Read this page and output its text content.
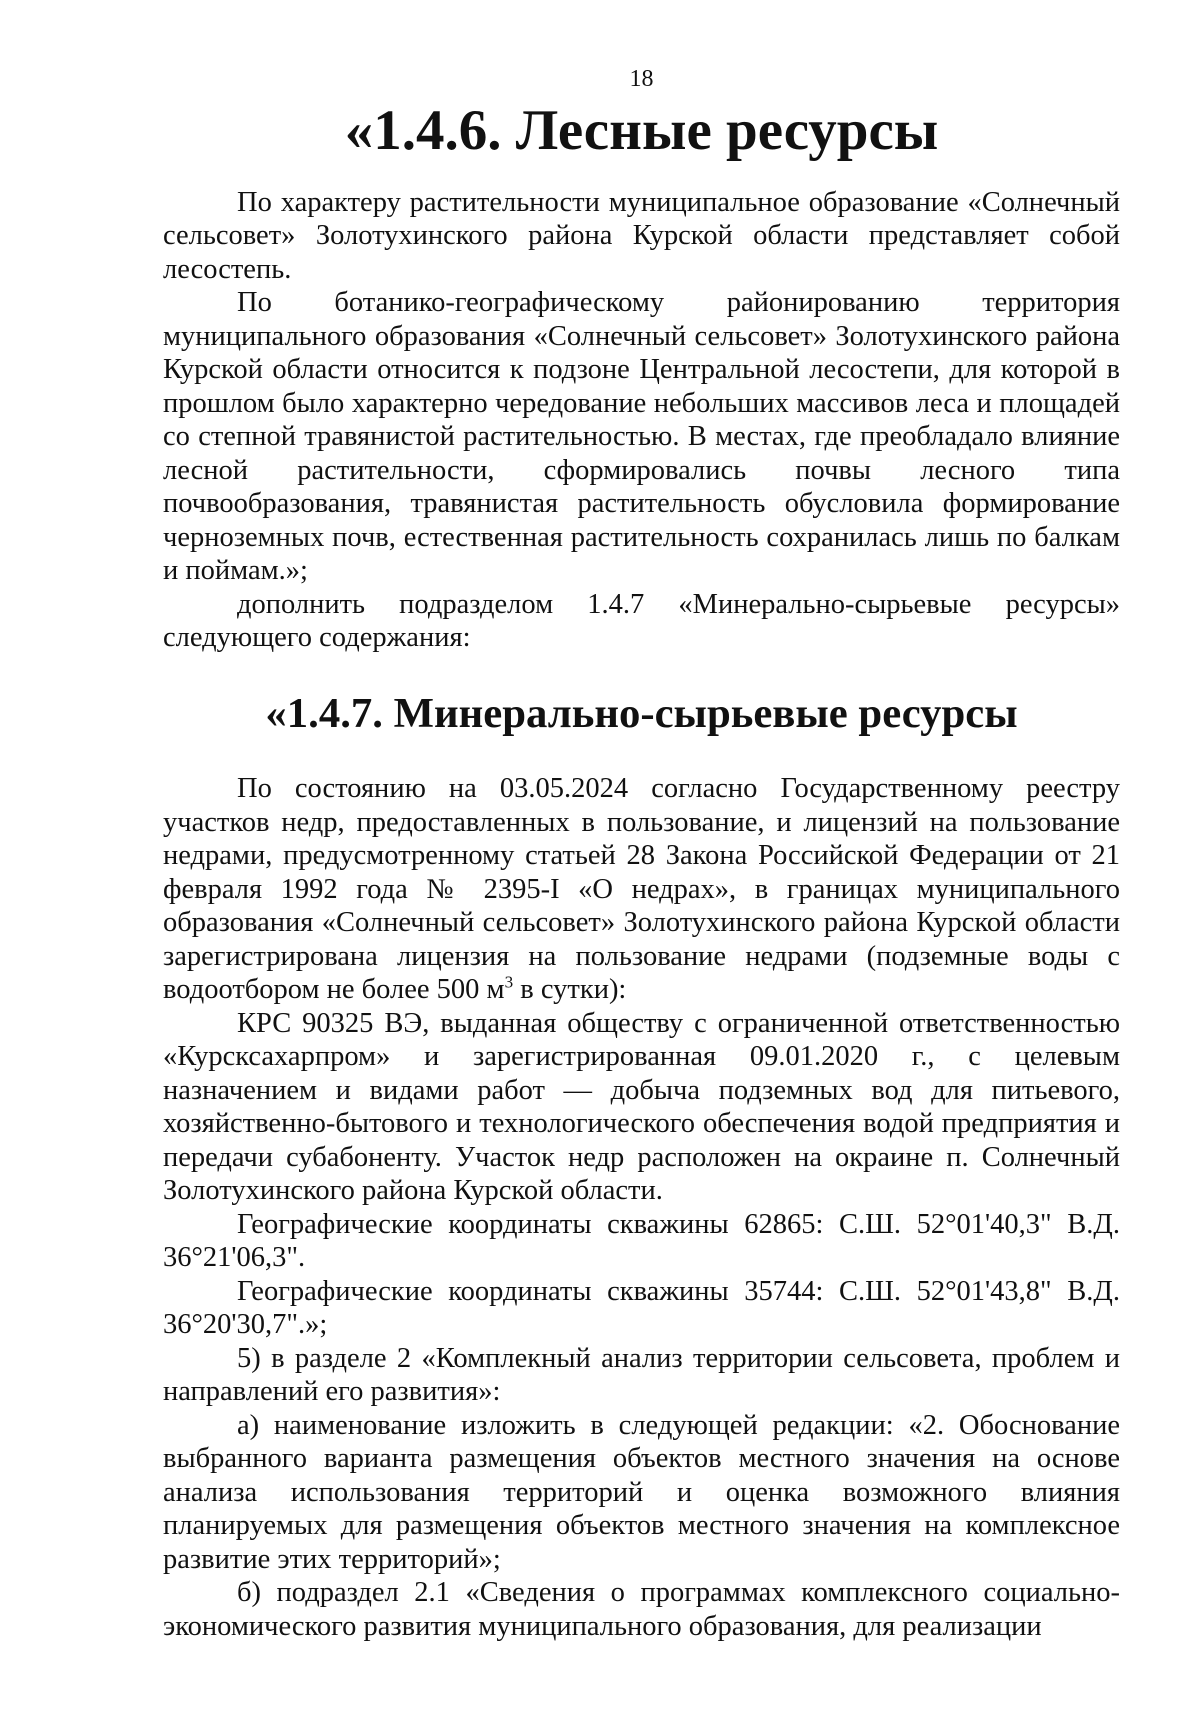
18
«1.4.6. Лесные ресурсы

По характеру растительности муниципальное образование «Солнечный сельсовет» Золотухинского района Курской области представляет собой лесостепь.

По ботанико-географическому районированию территория муниципального образования «Солнечный сельсовет» Золотухинского района Курской области относится к подзоне Центральной лесостепи, для которой в прошлом было характерно чередование небольших массивов леса и площадей со степной травянистой растительностью. В местах, где преобладало влияние лесной растительности, сформировались почвы лесного типа почвообразования, травянистая растительность обусловила формирование черноземных почв, естественная растительность сохранилась лишь по балкам и поймам.»;

дополнить подразделом 1.4.7 «Минерально-сырьевые ресурсы» следующего содержания:

«1.4.7. Минерально-сырьевые ресурсы

По состоянию на 03.05.2024 согласно Государственному реестру участков недр, предоставленных в пользование, и лицензий на пользование недрами, предусмотренному статьей 28 Закона Российской Федерации от 21 февраля 1992 года № 2395-I «О недрах», в границах муниципального образования «Солнечный сельсовет» Золотухинского района Курской области зарегистрирована лицензия на пользование недрами (подземные воды с водоотбором не более 500 $м^3$ в сутки):

КРС 90325 ВЭ, выданная обществу с ограниченной ответственностью «Курсксахарпром» и зарегистрированная 09.01.2020 г., с целевым назначением и видами работ — добыча подземных вод для питьевого, хозяйственно-бытового и технологического обеспечения водой предприятия и передачи субабоненту. Участок недр расположен на окраине п. Солнечный Золотухинского района Курской области.

Географические координаты скважины 62865: С.Ш. 52°01'40,3" В.Д. 36°21'06,3".

Географические координаты скважины 35744: С.Ш. 52°01'43,8" В.Д. 36°20'30,7".»;

5) в разделе 2 «Комплекный анализ территории сельсовета, проблем и направлений его развития»:

а) наименование изложить в следующей редакции: «2. Обоснование выбранного варианта размещения объектов местного значения на основе анализа использования территорий и оценка возможного влияния планируемых для размещения объектов местного значения на комплексное развитие этих территорий»;

б) подраздел 2.1 «Сведения о программах комплексного социально-экономического развития муниципального образования, для реализации
